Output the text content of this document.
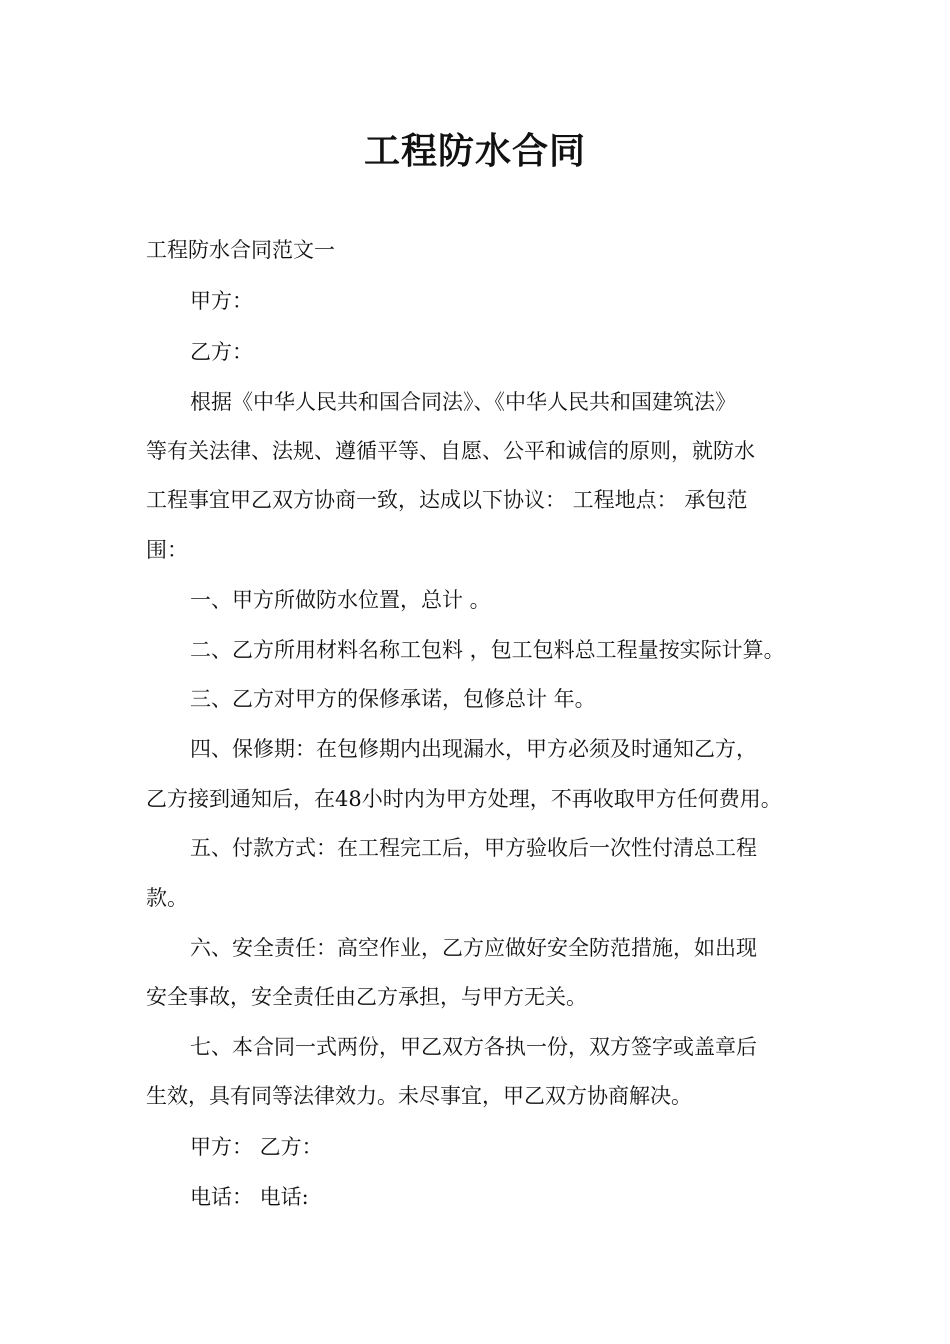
工程防水合同
工程防水合同范文一
甲方：
乙方：
根据《中华人民共和国合同法》、《中华人民共和国建筑法》
等有关法律、法规、遵循平等、自愿、公平和诚信的原则，就防水
工程事宜甲乙双方协商一致，达成以下协议： 工程地点： 承包范
围：
一、甲方所做防水位置，总计 。
二、乙方所用材料名称工包料 ，包工包料总工程量按实际计算。
三、乙方对甲方的保修承诺，包修总计 年。
四、保修期：在包修期内出现漏水，甲方必须及时通知乙方，
乙方接到通知后，在48小时内为甲方处理，不再收取甲方任何费用。
五、付款方式：在工程完工后，甲方验收后一次性付清总工程
款。
六、安全责任：高空作业，乙方应做好安全防范措施，如出现
安全事故，安全责任由乙方承担，与甲方无关。
七、本合同一式两份，甲乙双方各执一份，双方签字或盖章后
生效，具有同等法律效力。未尽事宜，甲乙双方协商解决。
甲方： 乙方：
电话： 电话:
